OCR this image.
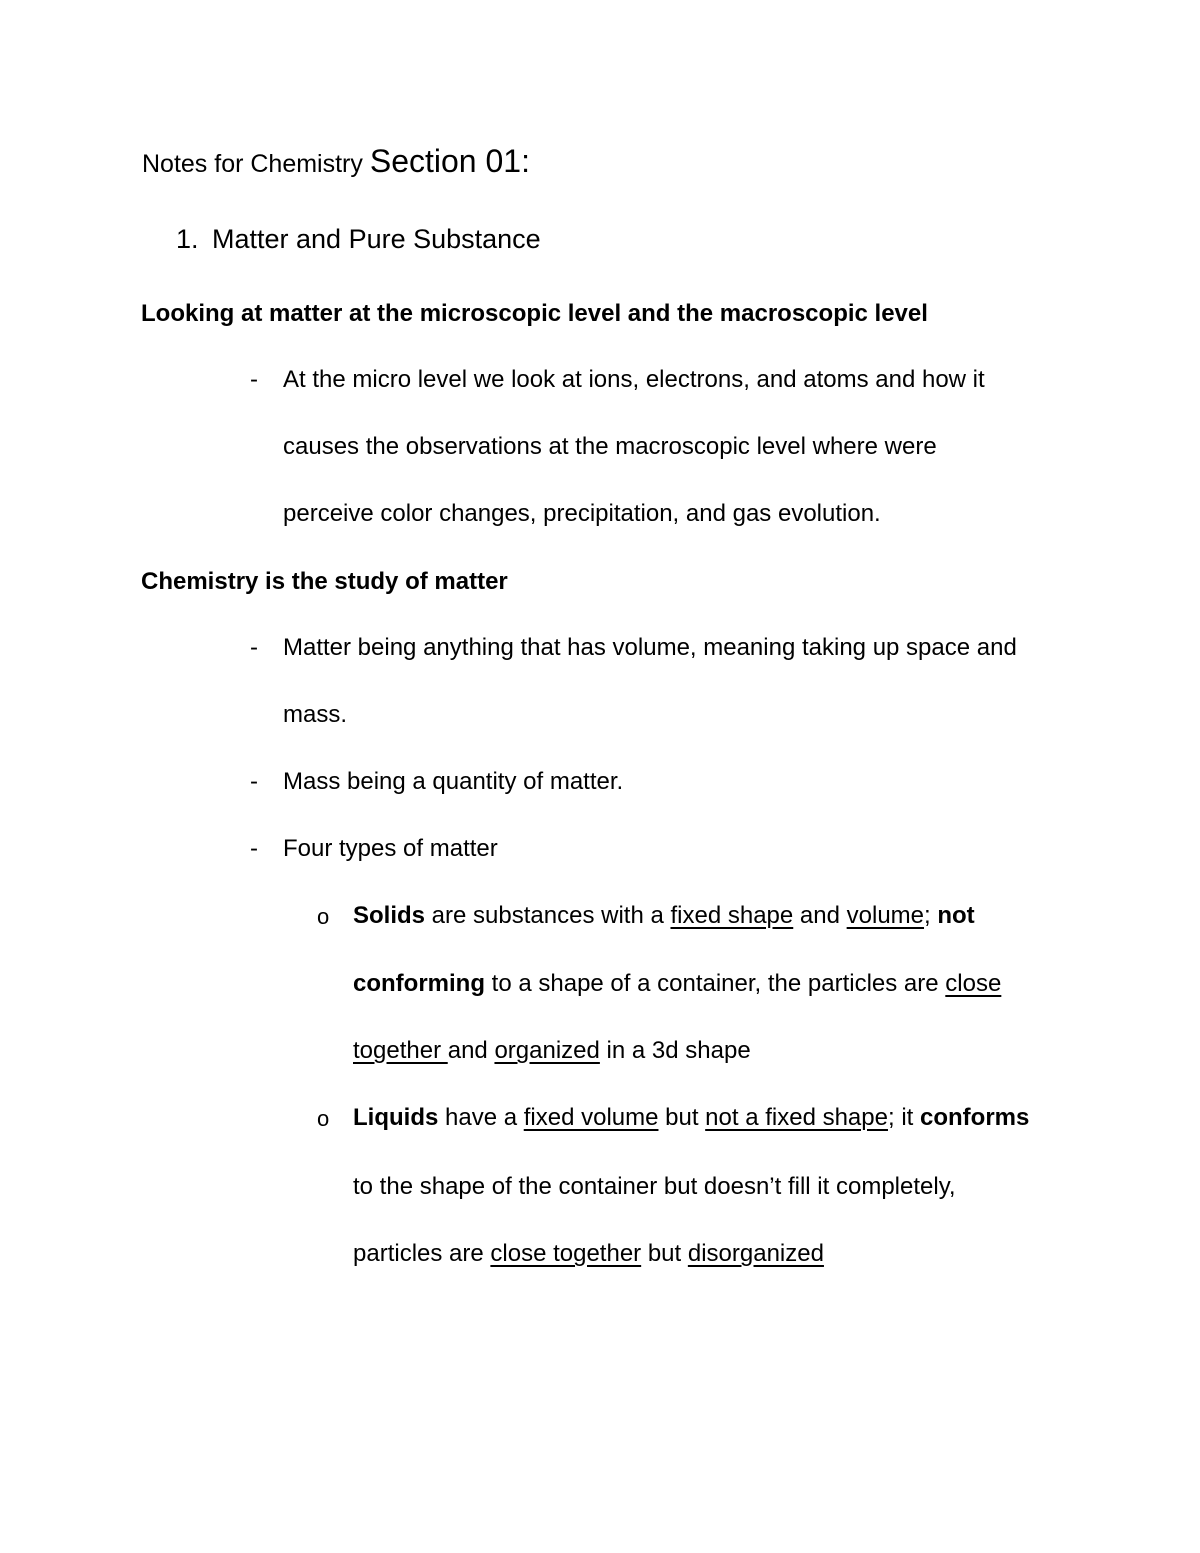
Notes for Chemistry Section 01:
1. Matter and Pure Substance
Looking at matter at the microscopic level and the macroscopic level
- At the micro level we look at ions, electrons, and atoms and how it
causes the observations at the macroscopic level where were
perceive color changes, precipitation, and gas evolution.
Chemistry is the study of matter
- Matter being anything that has volume, meaning taking up space and
mass.
- Mass being a quantity of matter.
- Four types of matter
o Solids are substances with a fixed shape and volume; not
conforming to a shape of a container, the particles are close
together and organized in a 3d shape
o Liquids have a fixed volume but not a fixed shape; it conforms
to the shape of the container but doesn’t fill it completely,
particles are close together but disorganized
